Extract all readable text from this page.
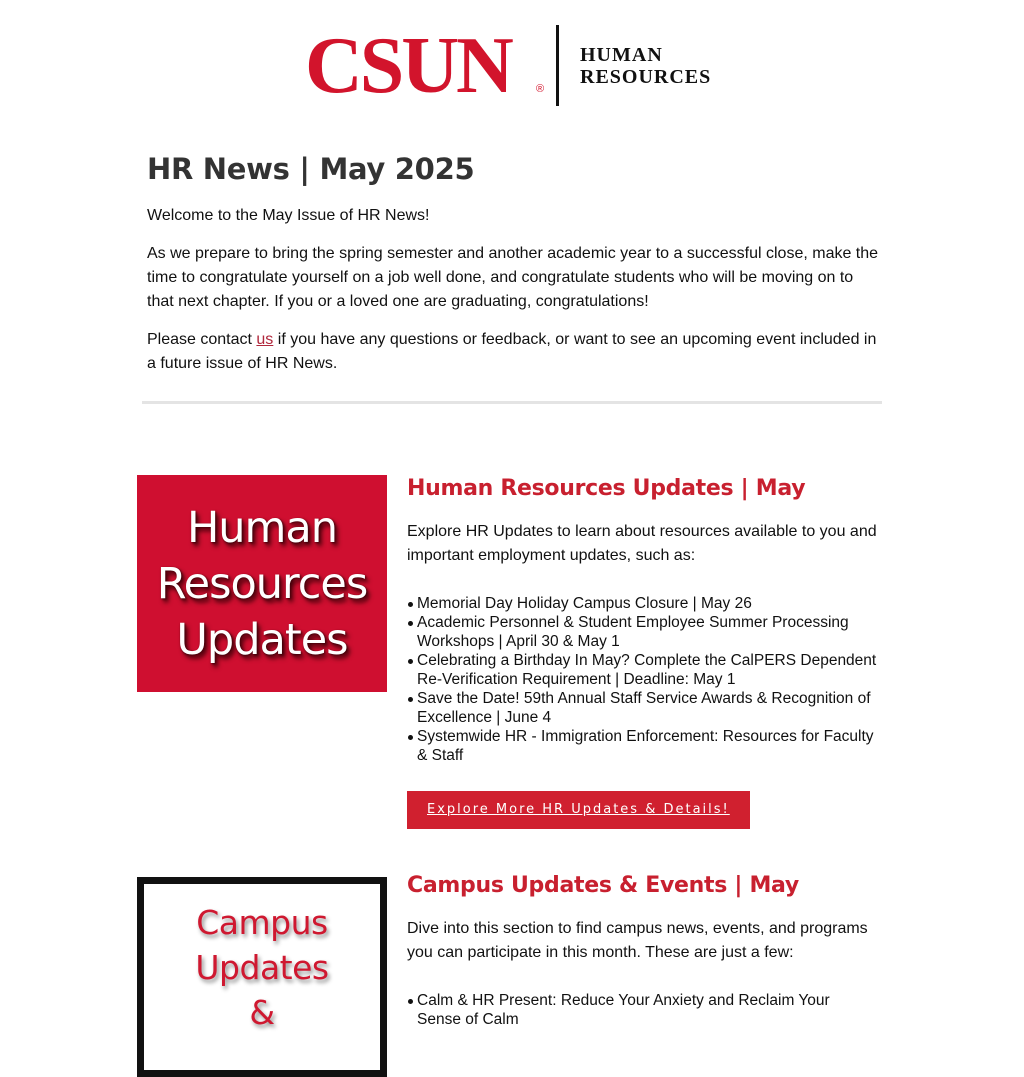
CSUN ®
HUMAN
RESOURCES
HR News | May 2025

Welcome to the May Issue of HR News!

As we prepare to bring the spring semester and another academic year to a successful close, make the time to congratulate yourself on a job well done, and congratulate students who will be moving on to that next chapter. If you or a loved one are graduating, congratulations!

Please contact us if you have any questions or feedback, or want to see an upcoming event included in a future issue of HR News.

Human
Resources
Updates
Human Resources Updates | May

Explore HR Updates to learn about resources available to you and important employment updates, such as:

Memorial Day Holiday Campus Closure | May 26
Academic Personnel & Student Employee Summer Processing Workshops | April 30 & May 1
Celebrating a Birthday In May? Complete the CalPERS Dependent Re-Verification Requirement | Deadline: May 1
Save the Date! 59th Annual Staff Service Awards & Recognition of Excellence | June 4
Systemwide HR - Immigration Enforcement: Resources for Faculty & Staff
Explore More HR Updates & Details!
Campus
Updates
&
Campus Updates & Events | May

Dive into this section to find campus news, events, and programs you can participate in this month. These are just a few:

Calm & HR Present: Reduce Your Anxiety and Reclaim Your Sense of Calm
